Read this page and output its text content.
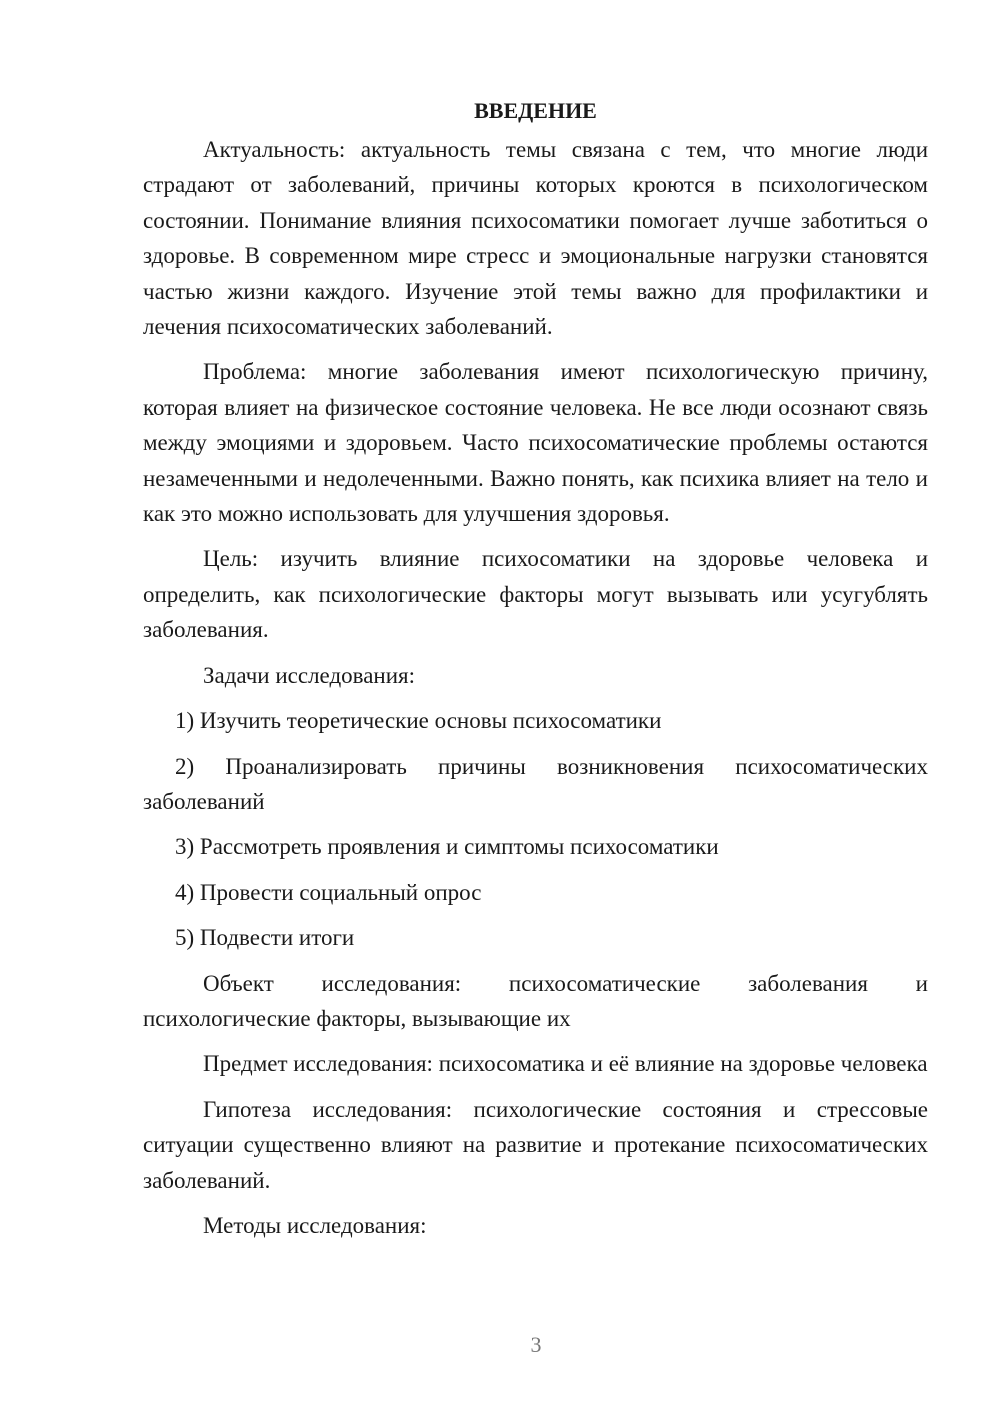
ВВЕДЕНИЕ

Актуальность: актуальность темы связана с тем, что многие люди страдают от заболеваний, причины которых кроются в психологическом состоянии. Понимание влияния психосоматики помогает лучше заботиться о здоровье. В современном мире стресс и эмоциональные нагрузки становятся частью жизни каждого. Изучение этой темы важно для профилактики и лечения психосоматических заболеваний.

Проблема: многие заболевания имеют психологическую причину, которая влияет на физическое состояние человека. Не все люди осознают связь между эмоциями и здоровьем. Часто психосоматические проблемы остаются незамеченными и недолеченными. Важно понять, как психика влияет на тело и как это можно использовать для улучшения здоровья.

Цель: изучить влияние психосоматики на здоровье человека и определить, как психологические факторы могут вызывать или усугублять заболевания.

Задачи исследования:

1) Изучить теоретические основы психосоматики

2) Проанализировать причины возникновения психосоматических заболеваний

3) Рассмотреть проявления и симптомы психосоматики

4) Провести социальный опрос

5) Подвести итоги

Объект исследования: психосоматические заболевания и психологические факторы, вызывающие их

Предмет исследования: психосоматика и её влияние на здоровье человека

Гипотеза исследования: психологические состояния и стрессовые ситуации существенно влияют на развитие и протекание психосоматических заболеваний.

Методы исследования:

3
